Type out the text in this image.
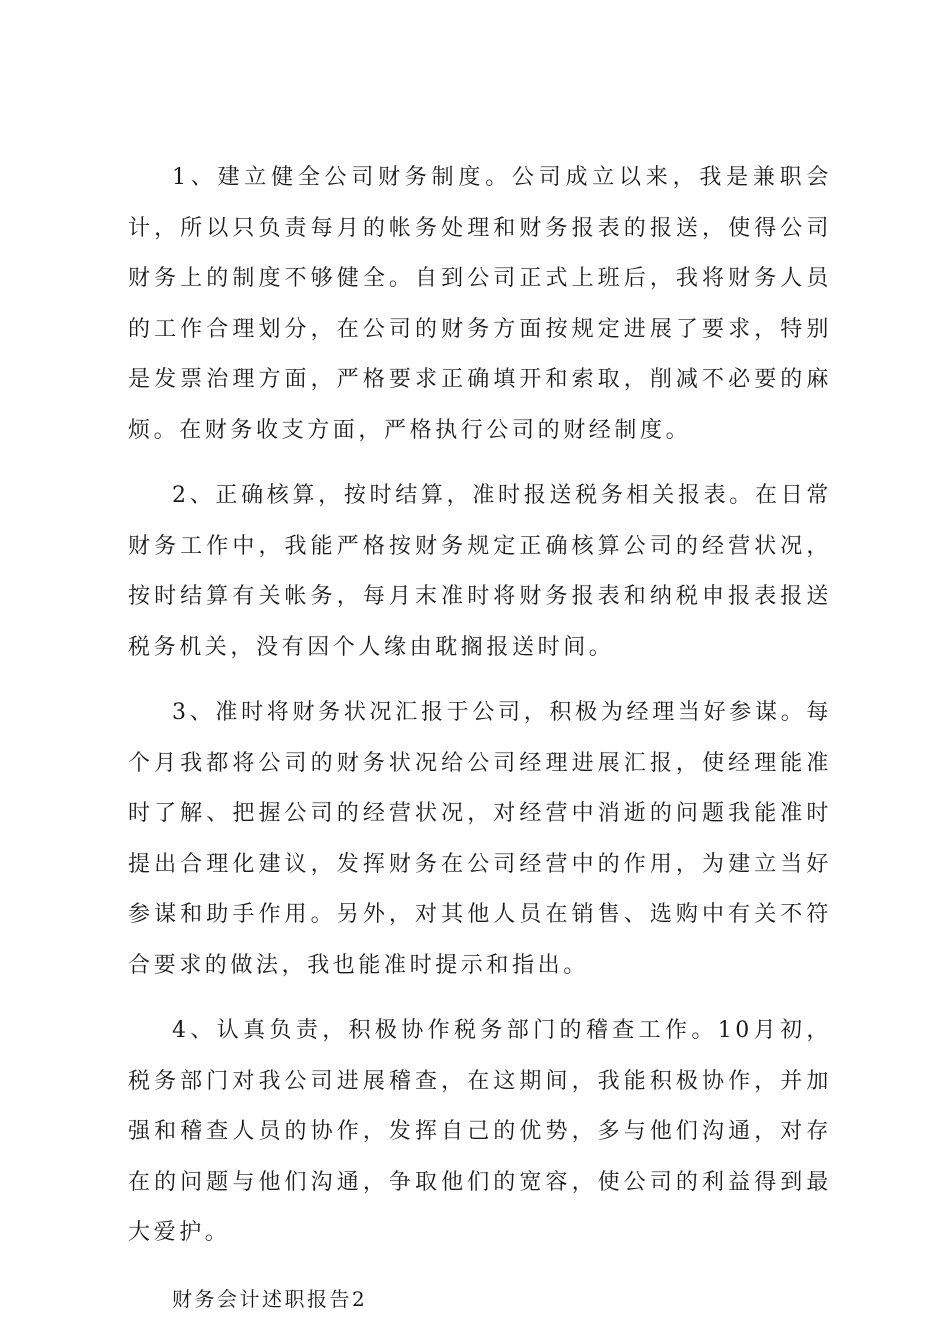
1、建立健全公司财务制度。公司成立以来，我是兼职会计，所以只负责每月的帐务处理和财务报表的报送，使得公司财务上的制度不够健全。自到公司正式上班后，我将财务人员的工作合理划分，在公司的财务方面按规定进展了要求，特别是发票治理方面，严格要求正确填开和索取，削减不必要的麻烦。在财务收支方面，严格执行公司的财经制度。

2、正确核算，按时结算，准时报送税务相关报表。在日常财务工作中，我能严格按财务规定正确核算公司的经营状况，按时结算有关帐务，每月末准时将财务报表和纳税申报表报送税务机关，没有因个人缘由耽搁报送时间。

3、准时将财务状况汇报于公司，积极为经理当好参谋。每个月我都将公司的财务状况给公司经理进展汇报，使经理能准时了解、把握公司的经营状况，对经营中消逝的问题我能准时提出合理化建议，发挥财务在公司经营中的作用，为建立当好参谋和助手作用。另外，对其他人员在销售、选购中有关不符合要求的做法，我也能准时提示和指出。

4、认真负责，积极协作税务部门的稽查工作。10月初，税务部门对我公司进展稽查，在这期间，我能积极协作，并加强和稽查人员的协作，发挥自己的优势，多与他们沟通，对存在的问题与他们沟通，争取他们的宽容，使公司的利益得到最大爱护。

财务会计述职报告2
